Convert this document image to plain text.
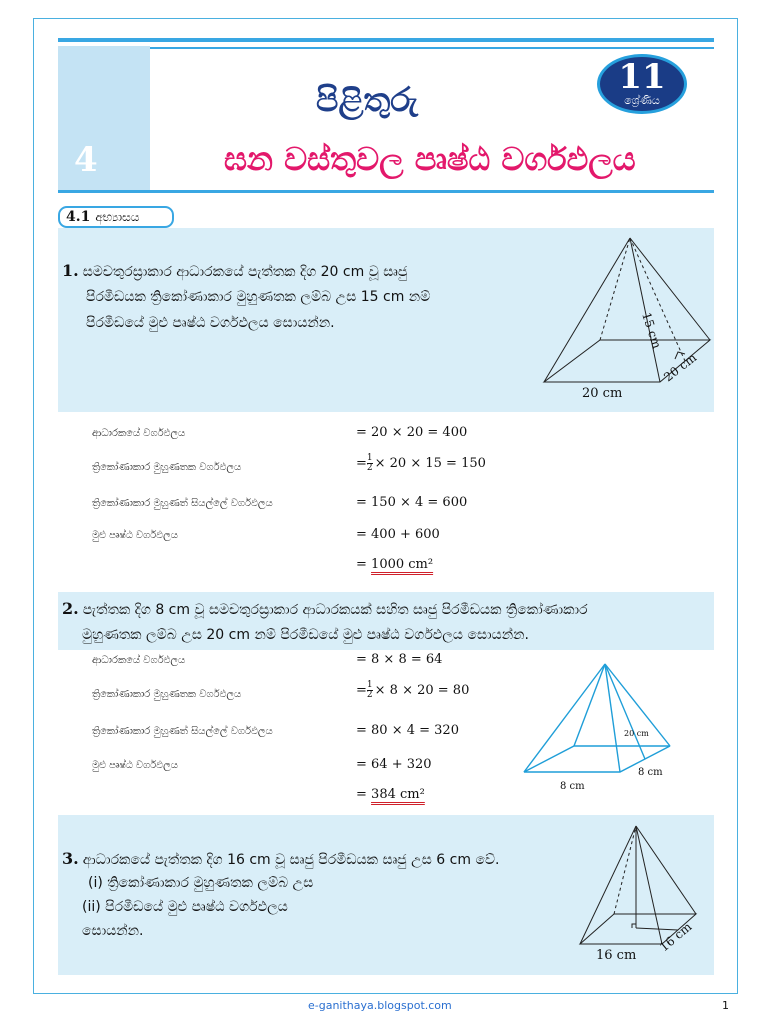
4
පිළිතුරු
ඝන වස්තුවල පෘෂ්ඨ වර්ගඵලය
11
ශ්‍රේණිය
4.1 අභ්‍යාසය
1. සමචතුරස්‍රාකාර ආධාරකයේ පැත්තක දිග 20 cm වූ සෘජු
පිරමීඩයක ත්‍රිකෝණාකාර මුහුණතක ලම්බ උස 15 cm නම්
පිරමීඩයේ මුළු පෘෂ්ඨ වර්ගඵලය සොයන්න.
20 cm
20 cm
15 cm
ආධාරකයේ වර්ගඵලය	= 20 × 20 = 400
ත්‍රිකෝණාකාර මුහුණතක වර්ගඵලය	= $\frac{1}{2} \times 20 \times 15 = 150$
ත්‍රිකෝණාකාර මුහුණත් සියල්ලේ වර්ගඵලය	= 150 × 4 = 600
මුළු පෘෂ්ඨ වර්ගඵලය	= 400 + 600
= 1000 cm²
2. පැත්තක දිග 8 cm වූ සමචතුරස්‍රාකාර ආධාරකයක් සහිත සෘජු පිරමීඩයක ත්‍රිකෝණාකාර
මුහුණතක ලම්බ උස 20 cm නම් පිරමීඩයේ මුළු පෘෂ්ඨ වර්ගඵලය සොයන්න.
ආධාරකයේ වර්ගඵලය	= 8 × 8 = 64
ත්‍රිකෝණාකාර මුහුණතක වර්ගඵලය	= $\frac{1}{2} \times 8 \times 20 = 80$
ත්‍රිකෝණාකාර මුහුණත් සියල්ලේ වර්ගඵලය	= 80 × 4 = 320
මුළු පෘෂ්ඨ වර්ගඵලය	= 64 + 320
= 384 cm²
20 cm
8 cm
8 cm
3. ආධාරකයේ පැත්තක දිග 16 cm වූ සෘජු පිරමීඩයක සෘජු උස 6 cm වේ.
(i) ත්‍රිකෝණාකාර මුහුණතක ලම්බ උස
(ii) පිරමීඩයේ මුළු පෘෂ්ඨ වර්ගඵලය
සොයන්න.
16 cm
16 cm
e-ganithaya.blogspot.com	1
